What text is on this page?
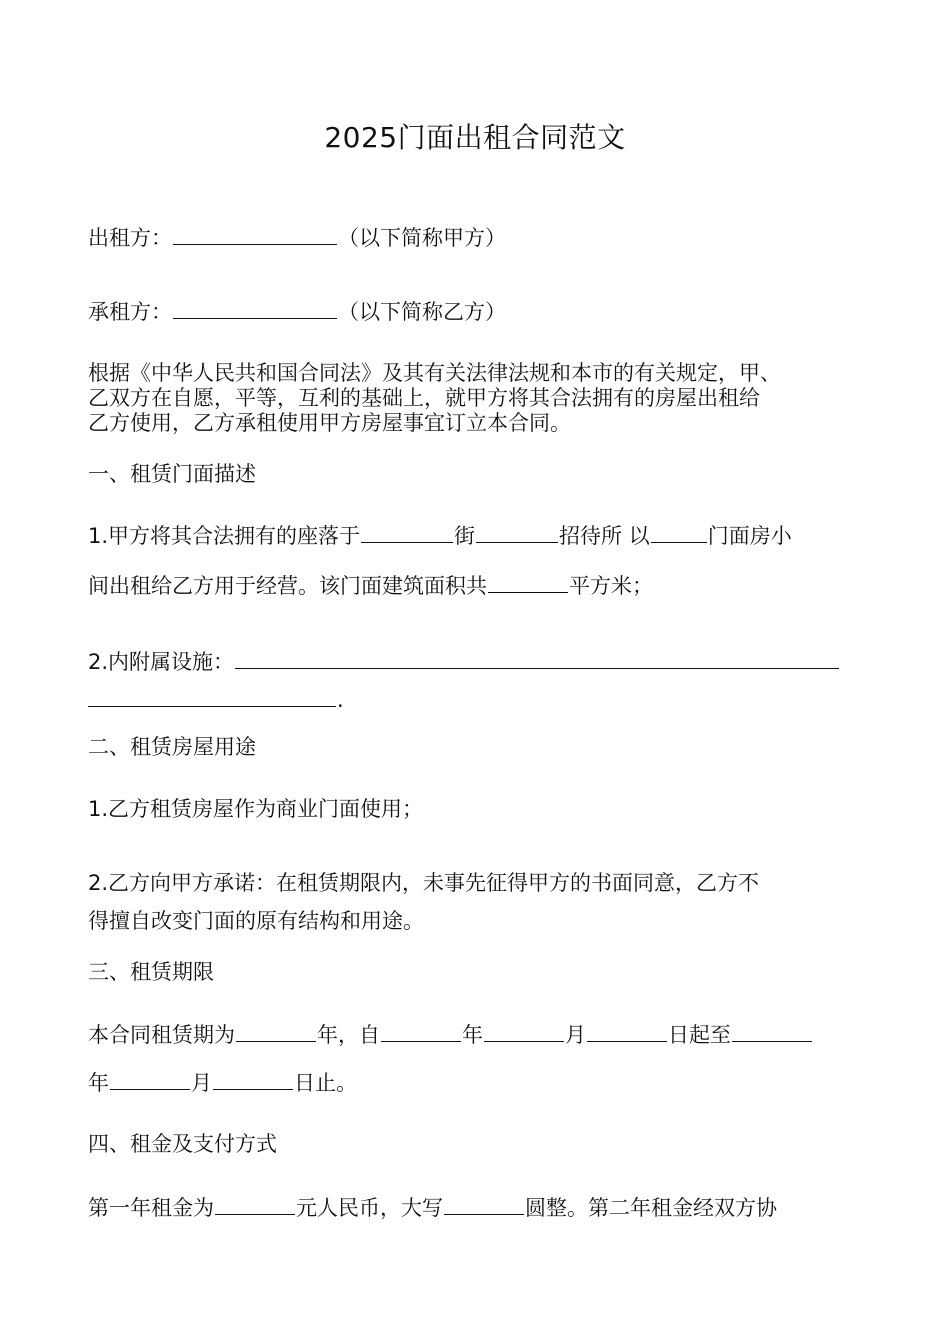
2025门面出租合同范文
出租方：	（以下简称甲方）
承租方：	（以下简称乙方）
根据《中华人民共和国合同法》及其有关法律法规和本市的有关规定，甲、
乙双方在自愿，平等，互利的基础上，就甲方将其合法拥有的房屋出租给
乙方使用，乙方承租使用甲方房屋事宜订立本合同。
一、租赁门面描述
1.甲方将其合法拥有的座落于	街	招待所 以	门面房小
间出租给乙方用于经营。该门面建筑面积共	平方米；
2.内附属设施：
.
二、租赁房屋用途
1.乙方租赁房屋作为商业门面使用；
2.乙方向甲方承诺：在租赁期限内，未事先征得甲方的书面同意，乙方不
得擅自改变门面的原有结构和用途。
三、租赁期限
本合同租赁期为	年，自	年	月	日起至
年	月	日止。
四、租金及支付方式
第一年租金为	元人民币，大写	圆整。第二年租金经双方协
